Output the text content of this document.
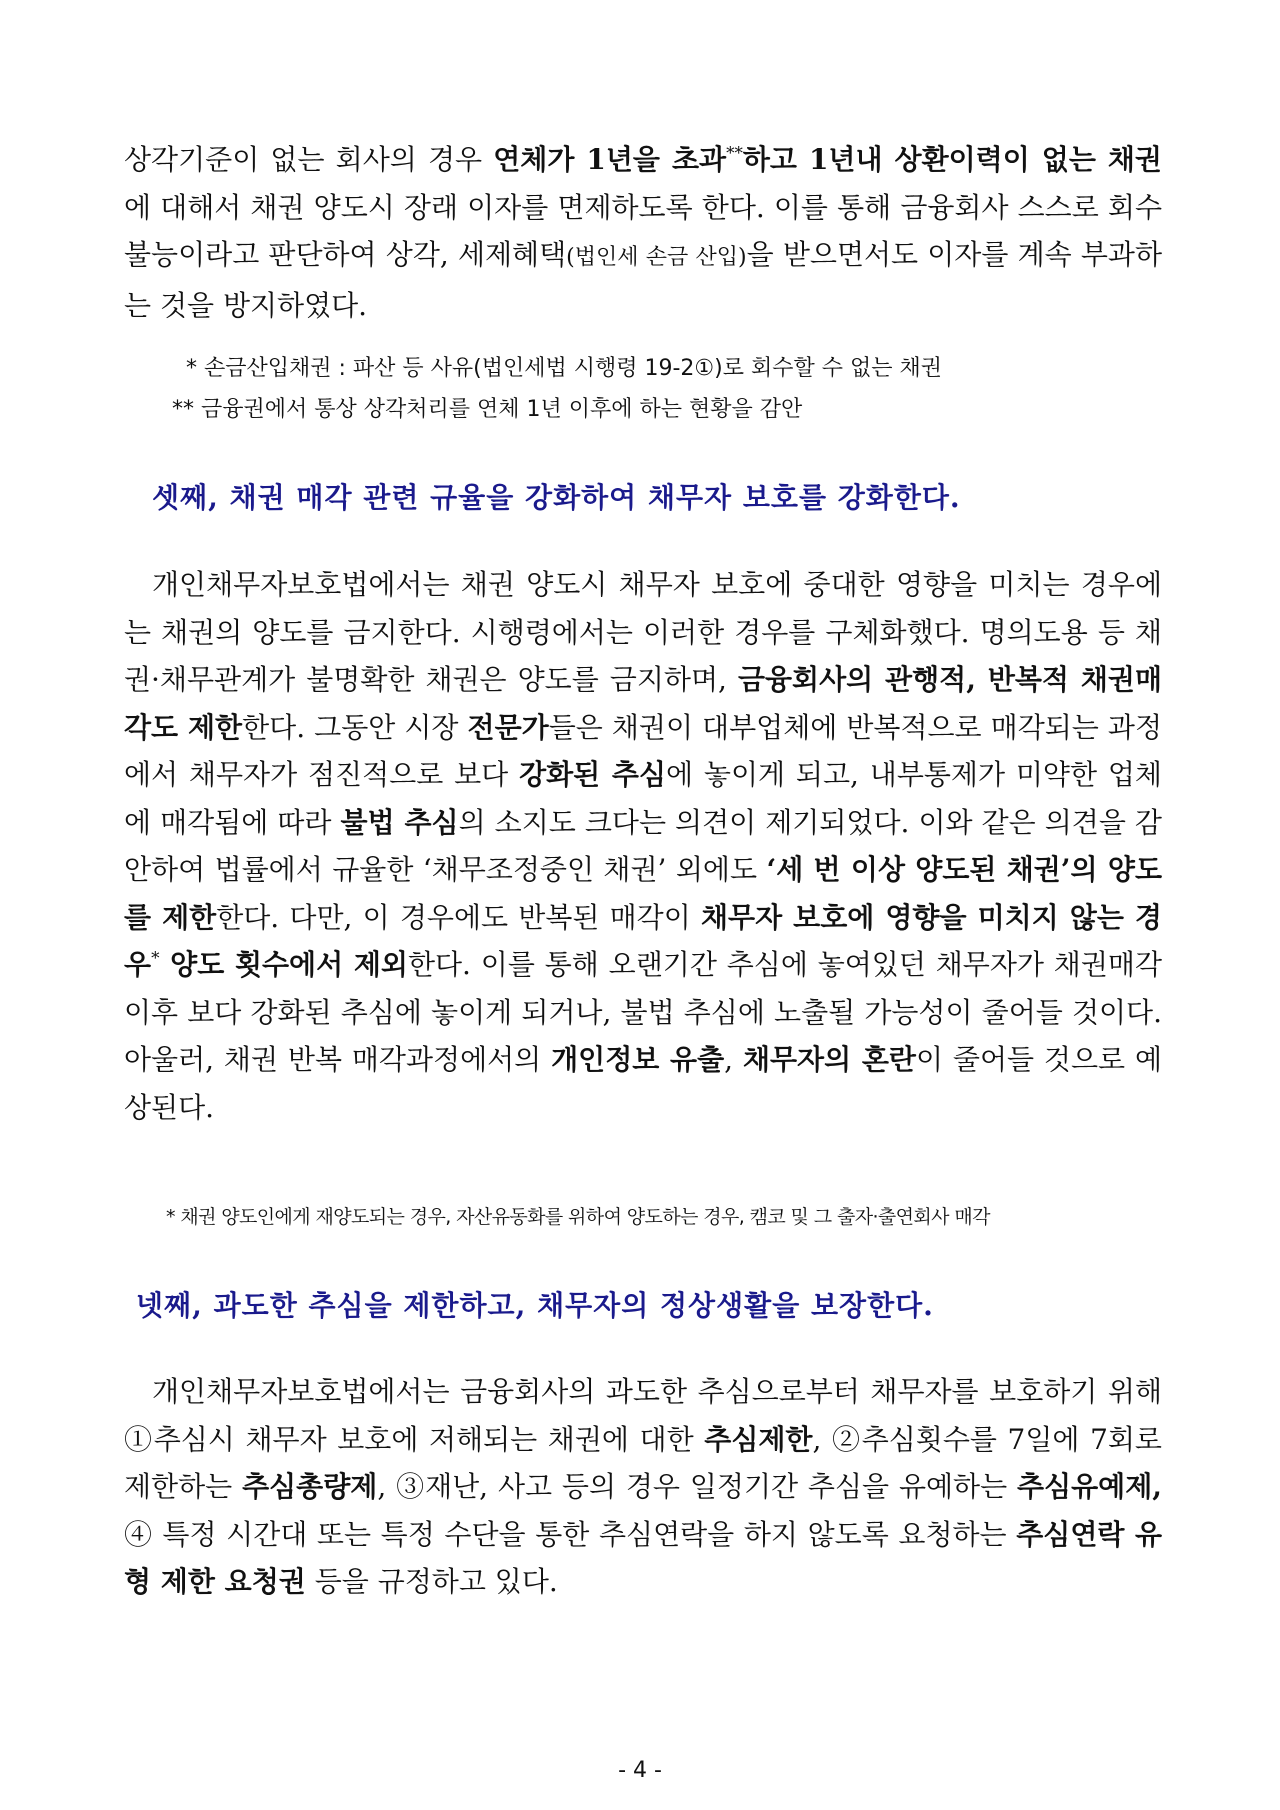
상각기준이 없는 회사의 경우 연체가 1년을 초과**하고 1년내 상환이력이 없는 채권에 대해서 채권 양도시 장래 이자를 면제하도록 한다. 이를 통해 금융회사 스스로 회수불능이라고 판단하여 상각, 세제혜택(법인세 손금 산입)을 받으면서도 이자를 계속 부과하는 것을 방지하였다.
* 손금산입채권 : 파산 등 사유(법인세법 시행령 19-2①)로 회수할 수 없는 채권
** 금융권에서 통상 상각처리를 연체 1년 이후에 하는 현황을 감안
셋째, 채권 매각 관련 규율을 강화하여 채무자 보호를 강화한다.
개인채무자보호법에서는 채권 양도시 채무자 보호에 중대한 영향을 미치는 경우에는 채권의 양도를 금지한다. 시행령에서는 이러한 경우를 구체화했다. 명의도용 등 채권·채무관계가 불명확한 채권은 양도를 금지하며, 금융회사의 관행적, 반복적 채권매각도 제한한다. 그동안 시장 전문가들은 채권이 대부업체에 반복적으로 매각되는 과정에서 채무자가 점진적으로 보다 강화된 추심에 놓이게 되고, 내부통제가 미약한 업체에 매각됨에 따라 불법 추심의 소지도 크다는 의견이 제기되었다. 이와 같은 의견을 감안하여 법률에서 규율한 ‘채무조정중인 채권’ 외에도 ‘세 번 이상 양도된 채권’의 양도를 제한한다. 다만, 이 경우에도 반복된 매각이 채무자 보호에 영향을 미치지 않는 경우* 양도 횟수에서 제외한다. 이를 통해 오랜기간 추심에 놓여있던 채무자가 채권매각 이후 보다 강화된 추심에 놓이게 되거나, 불법 추심에 노출될 가능성이 줄어들 것이다. 아울러, 채권 반복 매각과정에서의 개인정보 유출, 채무자의 혼란이 줄어들 것으로 예상된다.
* 채권 양도인에게 재양도되는 경우, 자산유동화를 위하여 양도하는 경우, 캠코 및 그 출자·출연회사 매각
넷째, 과도한 추심을 제한하고, 채무자의 정상생활을 보장한다.
개인채무자보호법에서는 금융회사의 과도한 추심으로부터 채무자를 보호하기 위해 ①추심시 채무자 보호에 저해되는 채권에 대한 추심제한, ②추심횟수를 7일에 7회로 제한하는 추심총량제, ③재난, 사고 등의 경우 일정기간 추심을 유예하는 추심유예제, ④ 특정 시간대 또는 특정 수단을 통한 추심연락을 하지 않도록 요청하는 추심연락 유형 제한 요청권 등을 규정하고 있다.
- 4 -
